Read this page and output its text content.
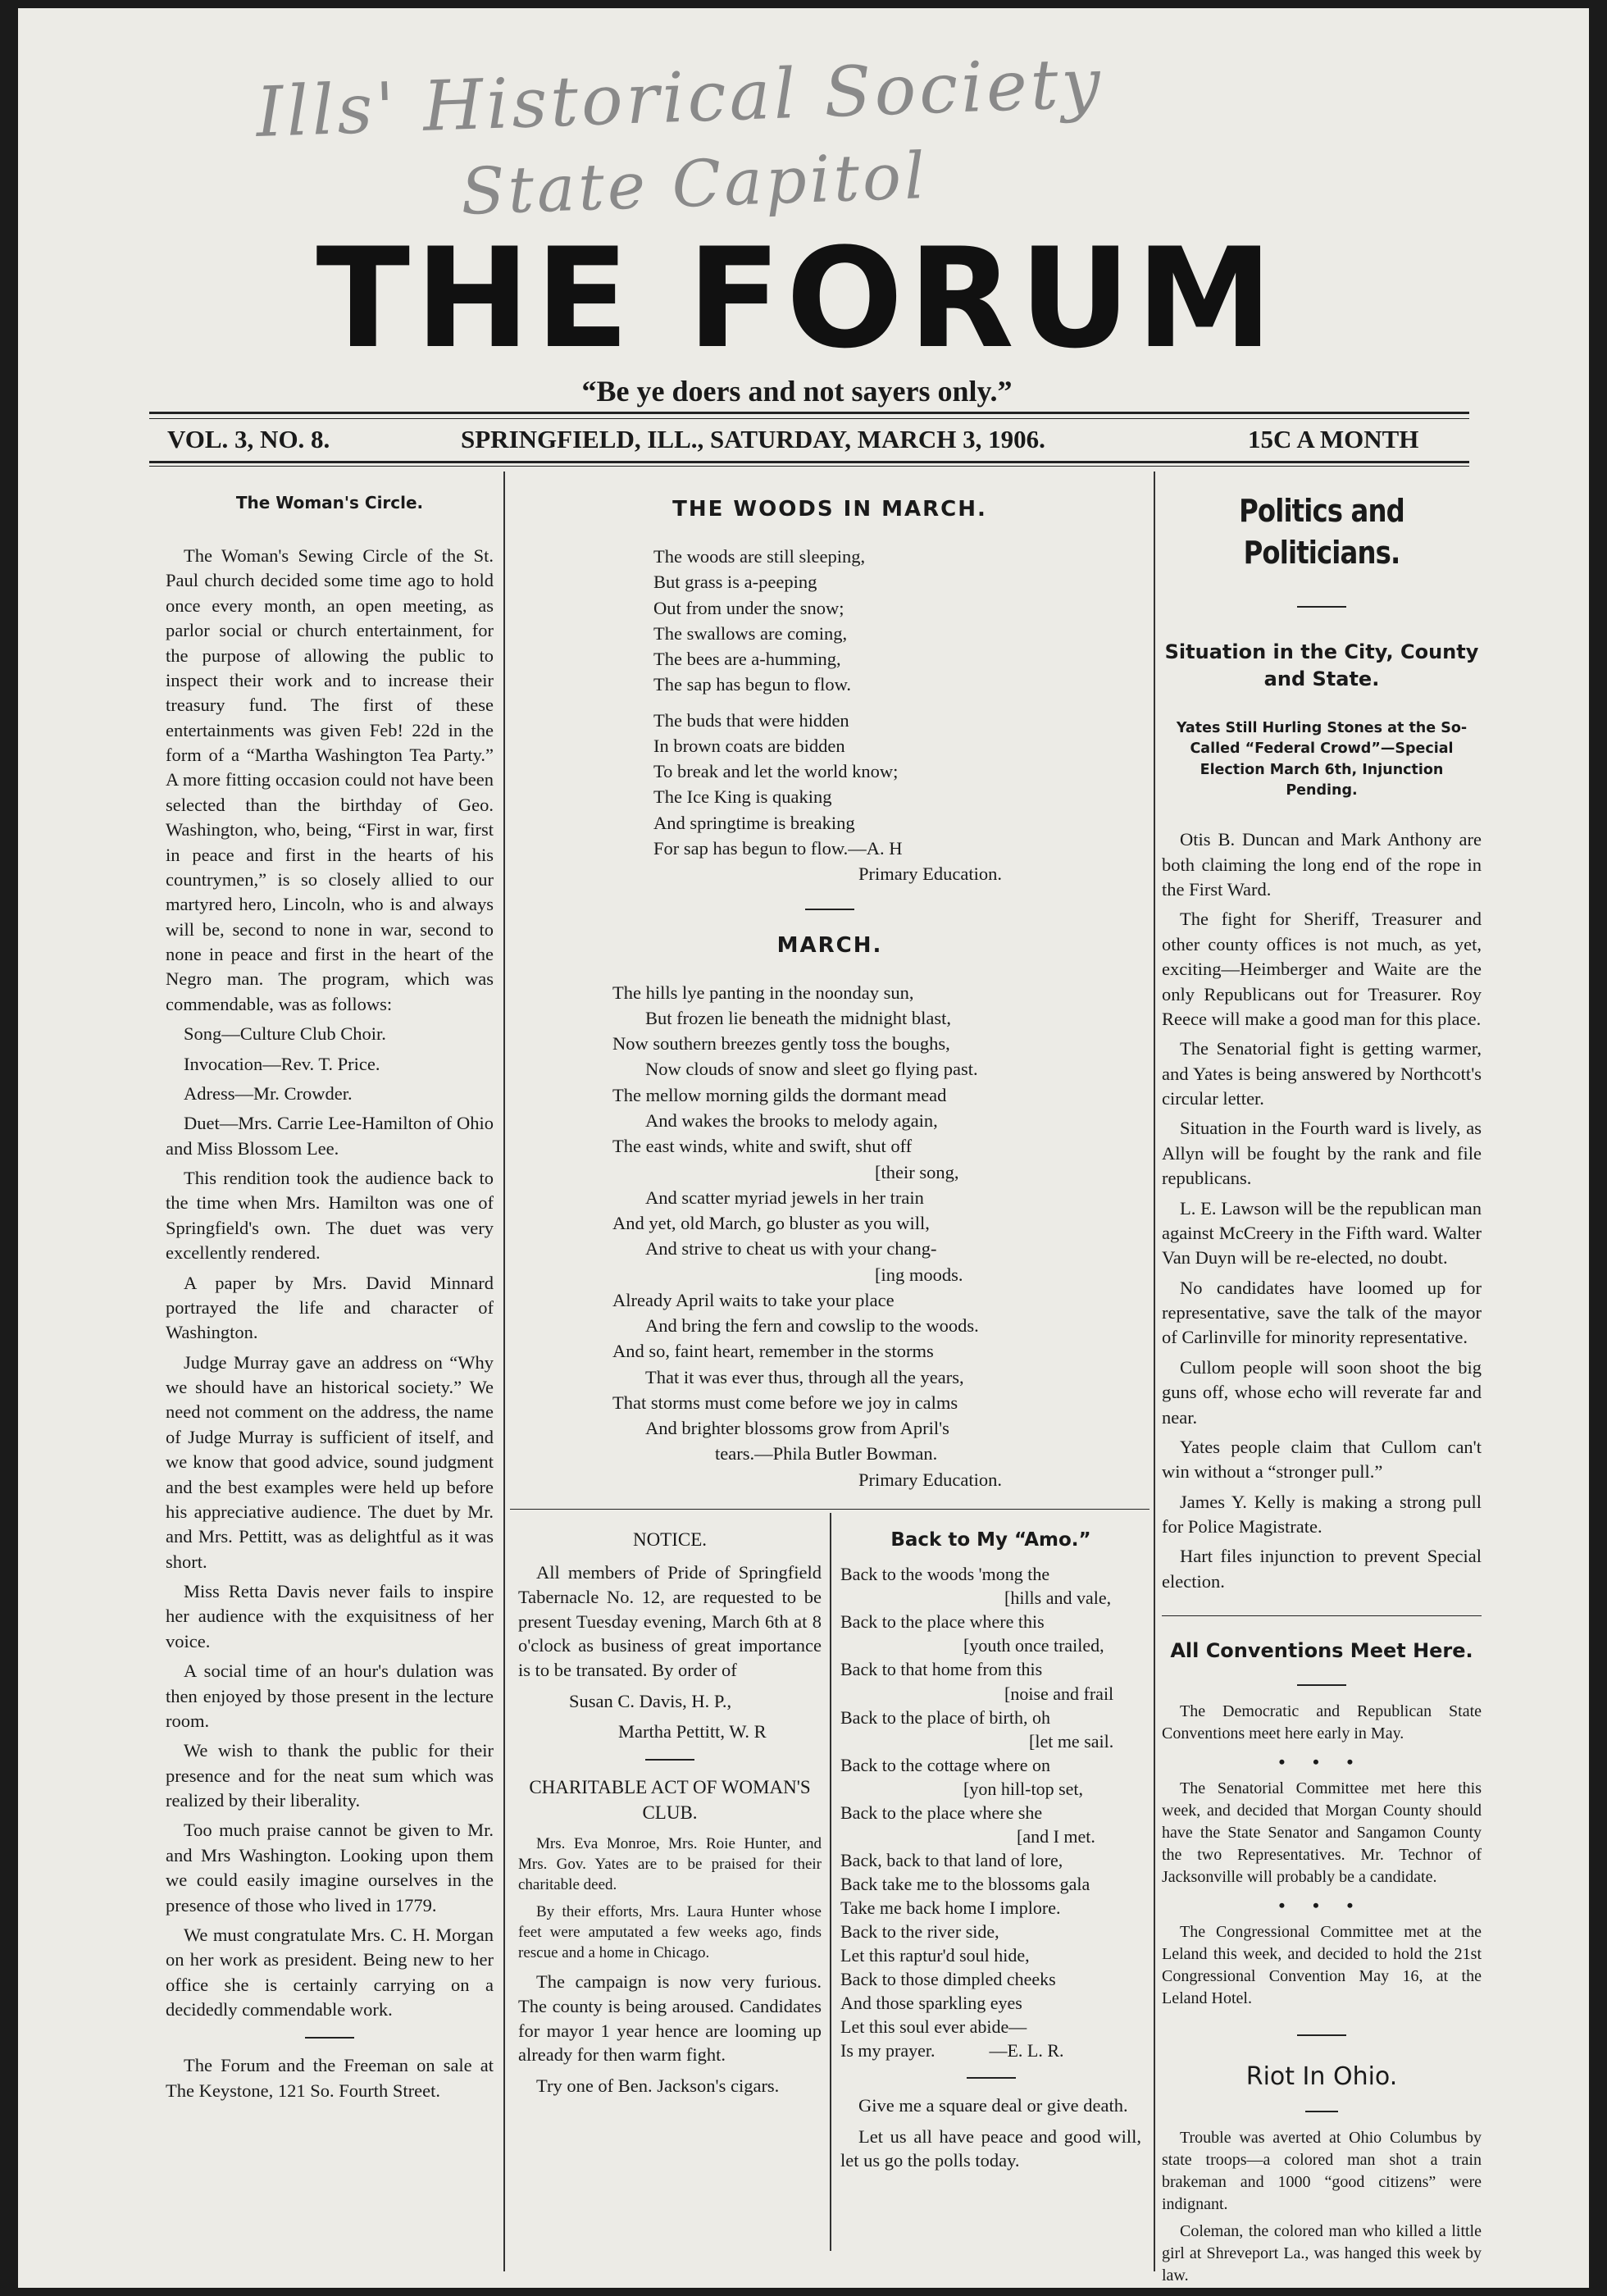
Ills' Historical Society
State Capitol
THE FORUM
“Be ye doers and not sayers only.”
VOL. 3, NO. 8.	SPRINGFIELD, ILL., SATURDAY, MARCH 3, 1906.	15C A MONTH
The Woman's Circle.

The Woman's Sewing Circle of the St. Paul church decided some time ago to hold once every month, an open meeting, as parlor social or church entertainment, for the purpose of allowing the public to inspect their work and to increase their treasury fund. The first of these entertainments was given Feb! 22d in the form of a “Martha Washington Tea Party.” A more fitting occasion could not have been selected than the birthday of Geo. Washington, who, being, “First in war, first in peace and first in the hearts of his countrymen,” is so closely allied to our martyred hero, Lincoln, who is and always will be, second to none in war, second to none in peace and first in the heart of the Negro man. The program, which was commendable, was as follows:

Song—Culture Club Choir.

Invocation—Rev. T. Price.

Adress—Mr. Crowder.

Duet—Mrs. Carrie Lee-Hamilton of Ohio and Miss Blossom Lee.

This rendition took the audience back to the time when Mrs. Hamilton was one of Springfield's own. The duet was very excellently rendered.

A paper by Mrs. David Minnard portrayed the life and character of Washington.

Judge Murray gave an address on “Why we should have an historical society.” We need not comment on the address, the name of Judge Murray is sufficient of itself, and we know that good advice, sound judgment and the best examples were held up before his appreciative audience. The duet by Mr. and Mrs. Pettitt, was as delightful as it was short.

Miss Retta Davis never fails to inspire her audience with the exquisitness of her voice.

A social time of an hour's dulation was then enjoyed by those present in the lecture room.

We wish to thank the public for their presence and for the neat sum which was realized by their liberality.

Too much praise cannot be given to Mr. and Mrs Washington. Looking upon them we could easily imagine ourselves in the presence of those who lived in 1779.

We must congratulate Mrs. C. H. Morgan on her work as president. Being new to her office she is certainly carrying on a decidedly commendable work.

The Forum and the Freeman on sale at The Keystone, 121 So. Fourth Street.

THE WOODS IN MARCH.
The woods are still sleeping,
But grass is a-peeping
Out from under the snow;
The swallows are coming,
The bees are a-humming,
The sap has begun to flow.
The buds that were hidden
In brown coats are bidden
To break and let the world know;
The Ice King is quaking
And springtime is breaking
For sap has begun to flow.—A. H
Primary Education.
MARCH.
The hills lye panting in the noonday sun,
But frozen lie beneath the midnight blast,
Now southern breezes gently toss the boughs,
Now clouds of snow and sleet go flying past.
The mellow morning gilds the dormant mead
And wakes the brooks to melody again,
The east winds, white and swift, shut off
[their song,
And scatter myriad jewels in her train
And yet, old March, go bluster as you will,
And strive to cheat us with your chang-
[ing moods.
Already April waits to take your place
And bring the fern and cowslip to the woods.
And so, faint heart, remember in the storms
That it was ever thus, through all the years,
That storms must come before we joy in calms
And brighter blossoms grow from April's
tears.—Phila Butler Bowman.
Primary Education.
NOTICE.

All members of Pride of Springfield Tabernacle No. 12, are requested to be present Tuesday evening, March 6th at 8 o'clock as business of great importance is to be transated. By order of

Susan C. Davis, H. P.,

Martha Pettitt, W. R

CHARITABLE ACT OF WOMAN'S CLUB.

Mrs. Eva Monroe, Mrs. Roie Hunter, and Mrs. Gov. Yates are to be praised for their charitable deed.

By their efforts, Mrs. Laura Hunter whose feet were amputated a few weeks ago, finds rescue and a home in Chicago.

The campaign is now very furious. The county is being aroused. Candidates for mayor 1 year hence are looming up already for then warm fight.

Try one of Ben. Jackson's cigars.

Back to My “Amo.”
Back to the woods 'mong the
[hills and vale,
Back to the place where this
[youth once trailed,
Back to that home from this
[noise and frail
Back to the place of birth, oh
[let me sail.
Back to the cottage where on
[yon hill-top set,
Back to the place where she
[and I met.
Back, back to that land of lore,
Back take me to the blossoms gala
Take me back home I implore.
Back to the river side,
Let this raptur'd soul hide,
Back to those dimpled cheeks
And those sparkling eyes
Let this soul ever abide—
Is my prayer.            —E. L. R.

Give me a square deal or give death.

Let us all have peace and good will, let us go the polls today.

Politics and Politicians.
Situation in the City, County and State.
Yates Still Hurling Stones at the So-Called “Federal Crowd”—Special Election March 6th, Injunction Pending.

Otis B. Duncan and Mark Anthony are both claiming the long end of the rope in the First Ward.

The fight for Sheriff, Treasurer and other county offices is not much, as yet, exciting—Heimberger and Waite are the only Republicans out for Treasurer. Roy Reece will make a good man for this place.

The Senatorial fight is getting warmer, and Yates is being answered by Northcott's circular letter.

Situation in the Fourth ward is lively, as Allyn will be fought by the rank and file republicans.

L. E. Lawson will be the republican man against McCreery in the Fifth ward. Walter Van Duyn will be re-elected, no doubt.

No candidates have loomed up for representative, save the talk of the mayor of Carlinville for minority representative.

Cullom people will soon shoot the big guns off, whose echo will reverate far and near.

Yates people claim that Cullom can't win without a “stronger pull.”

James Y. Kelly is making a strong pull for Police Magistrate.

Hart files injunction to prevent Special election.

All Conventions Meet Here.

The Democratic and Republican State Conventions meet here early in May.

• • •

The Senatorial Committee met here this week, and decided that Morgan County should have the State Senator and Sangamon County the two Representatives. Mr. Technor of Jacksonville will probably be a candidate.

• • •

The Congressional Committee met at the Leland this week, and decided to hold the 21st Congressional Convention May 16, at the Leland Hotel.

Riot In Ohio.

Trouble was averted at Ohio Columbus by state troops—a colored man shot a train brakeman and 1000 “good citizens” were indignant.

Coleman, the colored man who killed a little girl at Shreveport La., was hanged this week by law.
